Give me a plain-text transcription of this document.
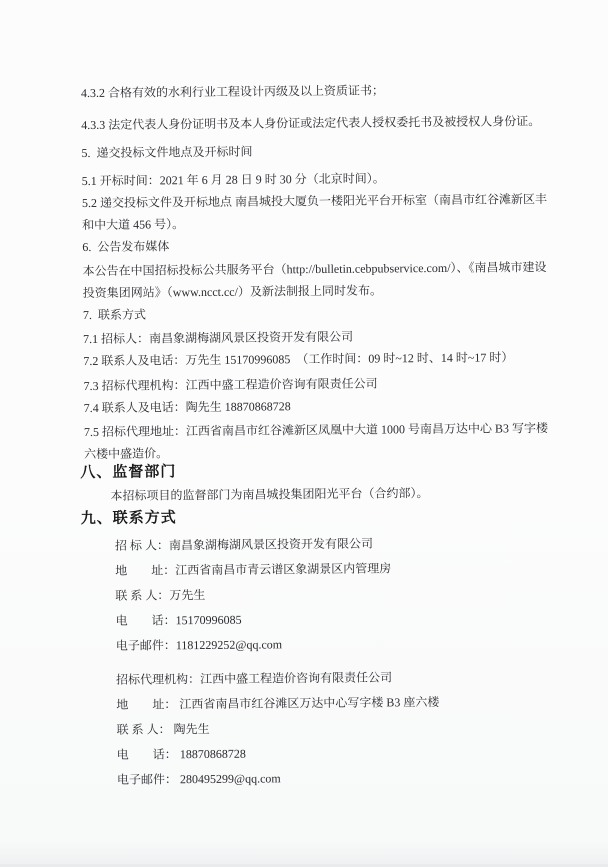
4.3.2 合格有效的水利行业工程设计丙级及以上资质证书；

4.3.3 法定代表人身份证明书及本人身份证或法定代表人授权委托书及被授权人身份证。

5.  递交投标文件地点及开标时间

5.1 开标时间：2021 年 6 月 28 日 9 时 30 分（北京时间）。

5.2 递交投标文件及开标地点 南昌城投大厦负一楼阳光平台开标室（南昌市红谷滩新区丰和中大道 456 号）。

6.  公告发布媒体

本公告在中国招标投标公共服务平台（http://bulletin.cebpubservice.com/）、《南昌城市建设投资集团网站》（www.ncct.cc/）及新法制报上同时发布。

7.  联系方式

7.1 招标人：南昌象湖梅湖风景区投资开发有限公司

7.2 联系人及电话：万先生 15170996085　（工作时间：09 时~12 时、14 时~17 时）

7.3 招标代理机构：江西中盛工程造价咨询有限责任公司

7.4 联系人及电话：陶先生 18870868728

7.5 招标代理地址：江西省南昌市红谷滩新区凤凰中大道 1000 号南昌万达中心 B3 写字楼六楼中盛造价。

八、监督部门

本招标项目的监督部门为南昌城投集团阳光平台（合约部）。

九、联系方式
招 标 人：南昌象湖梅湖风景区投资开发有限公司
地　　址：江西省南昌市青云谱区象湖景区内管理房
联 系 人：万先生
电　　话：15170996085
电子邮件：1181229252@qq.com
招标代理机构：江西中盛工程造价咨询有限责任公司
地　　址： 江西省南昌市红谷滩区万达中心写字楼 B3 座六楼
联 系 人： 陶先生
电　　话： 18870868728
电子邮件： 280495299@qq.com
